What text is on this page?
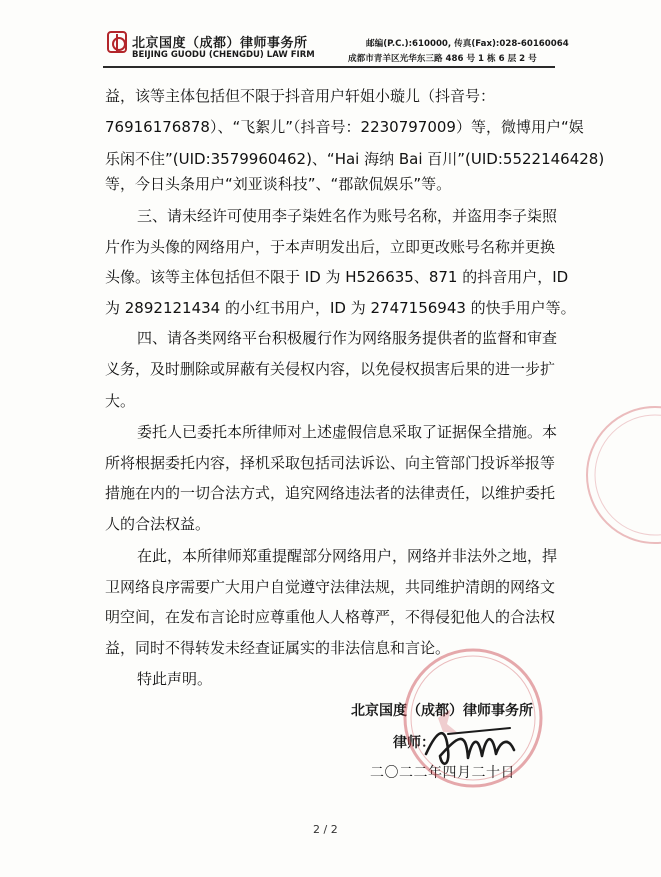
北京国度（成都）律师事务所
BEIJING GUODU (CHENGDU) LAW FIRM
邮编(P.C.):610000, 传真(Fax):028-60160064
成都市青羊区光华东三路 486 号 1 栋 6 层 2 号
益，该等主体包括但不限于抖音用户轩姐小璇儿（抖音号：
76916176878）、“飞絮儿”（抖音号：2230797009）等，微博用户“娱
乐闲不住”(UID:3579960462)、“Hai 海纳 Bai 百川”(UID:5522146428)
等，今日头条用户“刘亚谈科技”、“郡歆侃娱乐”等。
三、请未经许可使用李子柒姓名作为账号名称，并盗用李子柒照
片作为头像的网络用户，于本声明发出后，立即更改账号名称并更换
头像。该等主体包括但不限于 ID 为 H526635、871 的抖音用户，ID
为 2892121434 的小红书用户，ID 为 2747156943 的快手用户等。
四、请各类网络平台积极履行作为网络服务提供者的监督和审查
义务，及时删除或屏蔽有关侵权内容，以免侵权损害后果的进一步扩
大。
委托人已委托本所律师对上述虚假信息采取了证据保全措施。本
所将根据委托内容，择机采取包括司法诉讼、向主管部门投诉举报等
措施在内的一切合法方式，追究网络违法者的法律责任，以维护委托
人的合法权益。
在此，本所律师郑重提醒部分网络用户，网络并非法外之地，捍
卫网络良序需要广大用户自觉遵守法律法规，共同维护清朗的网络文
明空间，在发布言论时应尊重他人人格尊严，不得侵犯他人的合法权
益，同时不得转发未经查证属实的非法信息和言论。
特此声明。
北京国度（成都）律师事务所
律师：
二〇二二年四月二十日
2 / 2
